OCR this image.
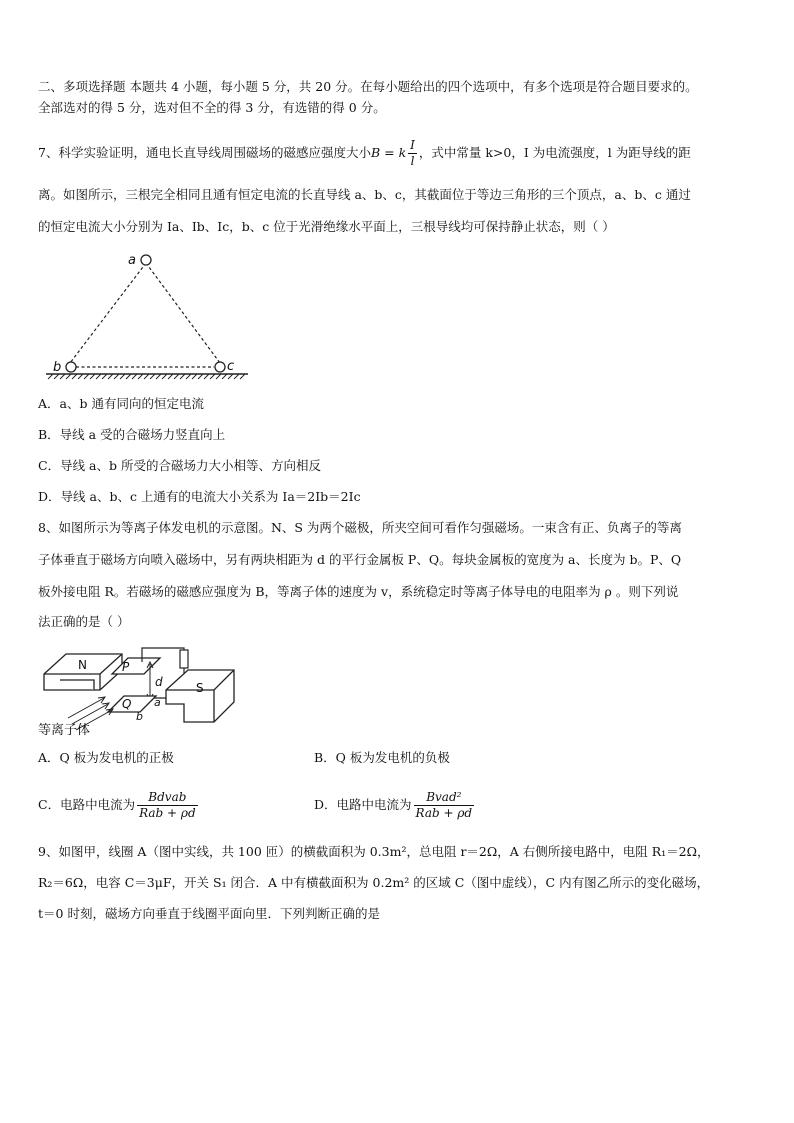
二、多项选择题 本题共 4 小题，每小题 5 分，共 20 分。在每小题给出的四个选项中，有多个选项是符合题目要求的。
全部选对的得 5 分，选对但不全的得 3 分，有选错的得 0 分。
7、科学实验证明，通电长直导线周围磁场的磁感应强度大小B = k $\frac{I}{l}$ ，式中常量 k>0，I 为电流强度，l 为距导线的距
离。如图所示，三根完全相同且通有恒定电流的长直导线 a、b、c，其截面位于等边三角形的三个顶点，a、b、c 通过
的恒定电流大小分别为 Ia、Ib、Ic，b、c 位于光滑绝缘水平面上，三根导线均可保持静止状态，则（ ）
a
b	c
A．a、b 通有同向的恒定电流
B．导线 a 受的合磁场力竖直向上
C．导线 a、b 所受的合磁场力大小相等、方向相反
D．导线 a、b、c 上通有的电流大小关系为 Ia＝2Ib＝2Ic
8、如图所示为等离子体发电机的示意图。N、S 为两个磁极，所夹空间可看作匀强磁场。一束含有正、负离子的等离
子体垂直于磁场方向喷入磁场中，另有两块相距为 d 的平行金属板 P、Q。每块金属板的宽度为 a、长度为 b。P、Q
板外接电阻 R。若磁场的磁感应强度为 B，等离子体的速度为 v，系统稳定时等离子体导电的电阻率为 ρ 。则下列说
法正确的是（ ）
N	P
d	S
Q
b
a
等离子体
A．Q 板为发电机的正极	B．Q 板为发电机的负极
C．电路中电流为 $\frac{\text{Bdvab}}{\text{Rab + ρd}}$	D．电路中电流为 $\frac{\text{Bvad²}}{\text{Rab + ρd}}$
9、如图甲，线圈 A（图中实线，共 100 匝）的横截面积为 0.3m²，总电阻 r＝2Ω，A 右侧所接电路中，电阻 R₁＝2Ω，
R₂＝6Ω，电容 C＝3μF，开关 S₁ 闭合．A 中有横截面积为 0.2m² 的区域 C（图中虚线），C 内有图乙所示的变化磁场，
t＝0 时刻，磁场方向垂直于线圈平面向里．下列判断正确的是
